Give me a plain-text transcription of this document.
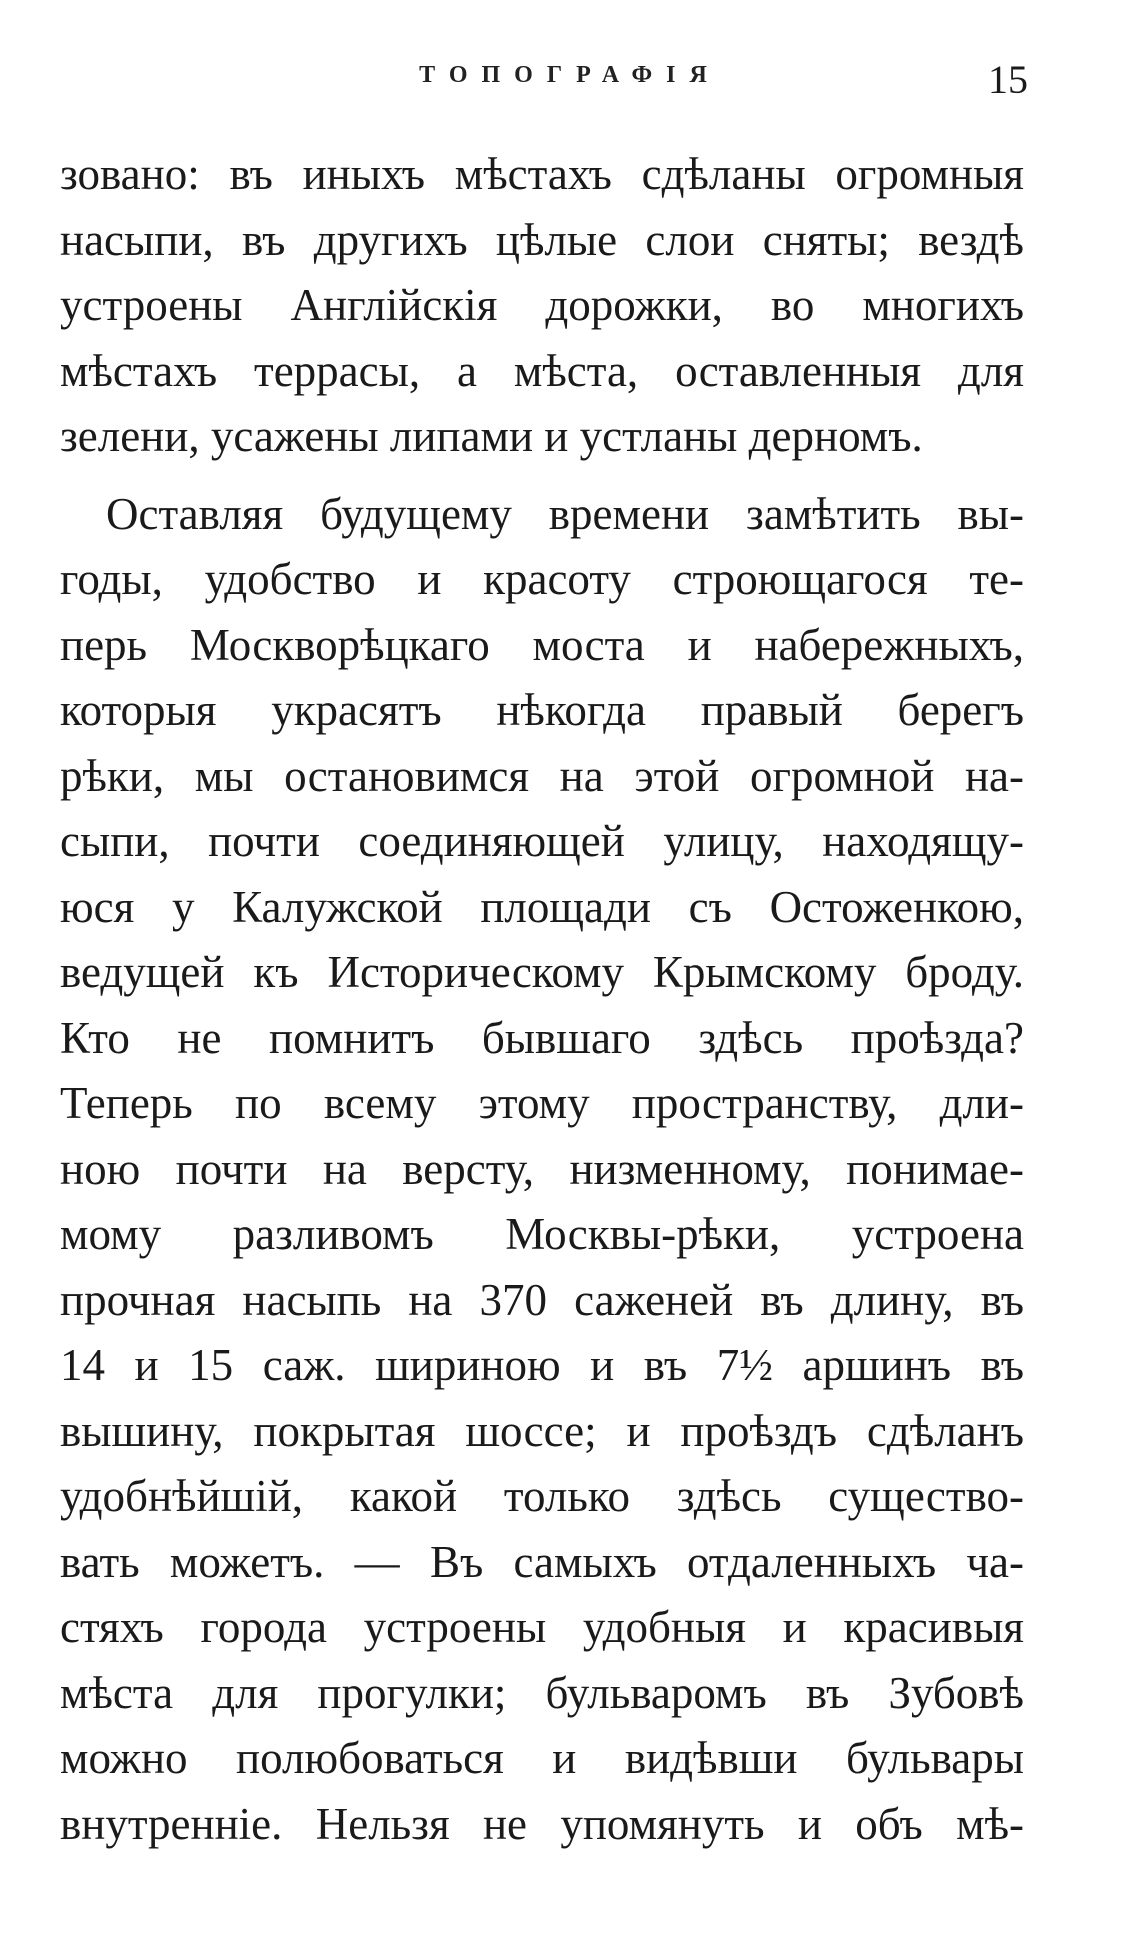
ТОПОГРАФІЯ	15
зовано: въ иныхъ мѣстахъ сдѣланы огромныя
насыпи, въ другихъ цѣлые слои сняты; вездѣ
устроены Англійскія дорожки, во многихъ
мѣстахъ террасы, а мѣста, оставленныя для
зелени, усажены липами и устланы дерномъ.
Оставляя будущему времени замѣтить вы-
годы, удобство и красоту строющагося те-
перь Москворѣцкаго моста и набережныхъ,
которыя украсятъ нѣкогда правый берегъ
рѣки, мы остановимся на этой огромной на-
сыпи, почти соединяющей улицу, находящу-
юся у Калужской площади съ Остоженкою,
ведущей къ Историческому Крымскому броду.
Кто не помнитъ бывшаго здѣсь проѣзда?
Теперь по всему этому пространству, дли-
ною почти на версту, низменному, понимае-
мому разливомъ Москвы-рѣки, устроена
прочная насыпь на 370 саженей въ длину, въ
14 и 15 саж. шириною и въ 7½ аршинъ въ
вышину, покрытая шоссе; и проѣздъ сдѣланъ
удобнѣйшій, какой только здѣсь существо-
вать можетъ. — Въ самыхъ отдаленныхъ ча-
стяхъ города устроены удобныя и красивыя
мѣста для прогулки; бульваромъ въ Зубовѣ
можно полюбоваться и видѣвши бульвары
внутренніе. Нельзя не упомянуть и объ мѣ-
